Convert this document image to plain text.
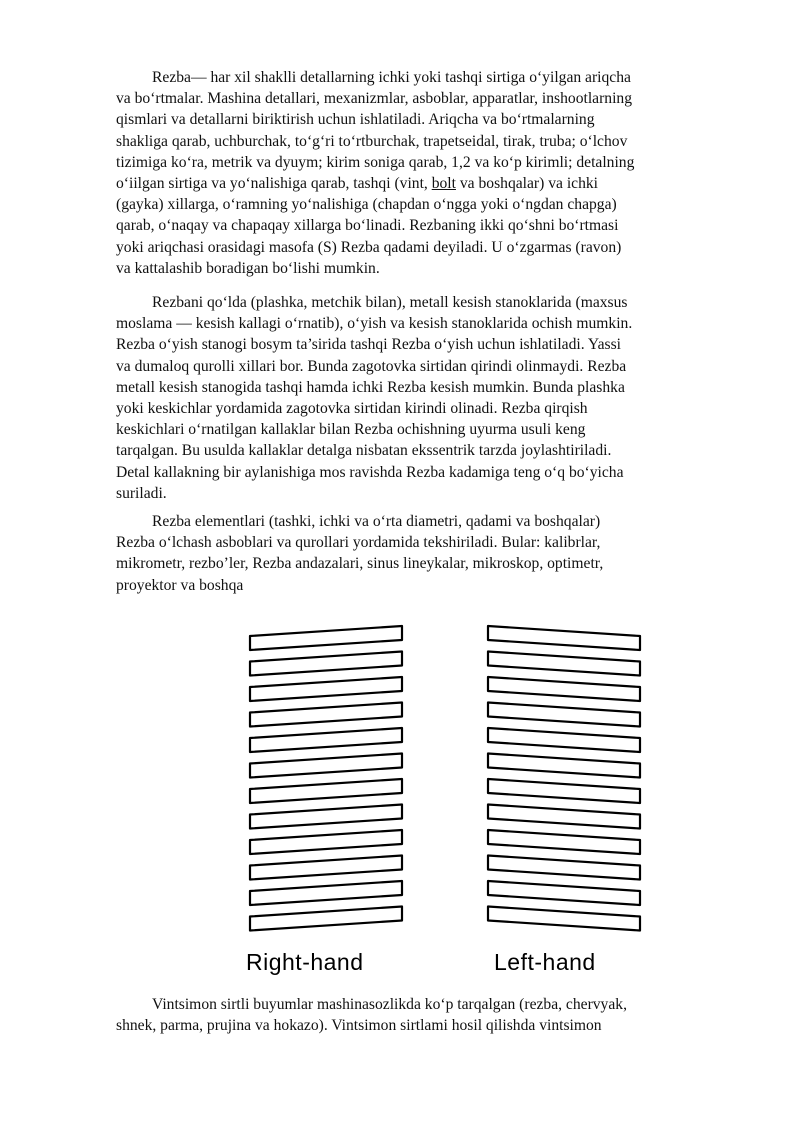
Rezba— har xil shaklli detallarning ichki yoki tashqi sirtiga o‘yilgan ariqcha
va bo‘rtmalar. Mashina detallari, mexanizmlar, asboblar, apparatlar, inshootlarning
qismlari va detallarni biriktirish uchun ishlatiladi. Ariqcha va bo‘rtmalarning
shakliga qarab, uchburchak, to‘g‘ri to‘rtburchak, trapetseidal, tirak, truba; o‘lchov
tizimiga ko‘ra, metrik va dyuym; kirim soniga qarab, 1,2 va ko‘p kirimli; detalning
o‘iilgan sirtiga va yo‘nalishiga qarab, tashqi (vint, bolt va boshqalar) va ichki
(gayka) xillarga, o‘ramning yo‘nalishiga (chapdan o‘ngga yoki o‘ngdan chapga)
qarab, o‘naqay va chapaqay xillarga bo‘linadi. Rezbaning ikki qo‘shni bo‘rtmasi
yoki ariqchasi orasidagi masofa (S) Rezba qadami deyiladi. U o‘zgarmas (ravon)
va kattalashib boradigan bo‘lishi mumkin.
Rezbani qo‘lda (plashka, metchik bilan), metall kesish stanoklarida (maxsus
moslama — kesish kallagi o‘rnatib), o‘yish va kesish stanoklarida ochish mumkin.
Rezba o‘yish stanogi bosym ta’sirida tashqi Rezba o‘yish uchun ishlatiladi. Yassi
va dumaloq qurolli xillari bor. Bunda zagotovka sirtidan qirindi olinmaydi. Rezba
metall kesish stanogida tashqi hamda ichki Rezba kesish mumkin. Bunda plashka
yoki keskichlar yordamida zagotovka sirtidan kirindi olinadi. Rezba qirqish
keskichlari o‘rnatilgan kallaklar bilan Rezba ochishning uyurma usuli keng
tarqalgan. Bu usulda kallaklar detalga nisbatan ekssentrik tarzda joylashtiriladi.
Detal kallakning bir aylanishiga mos ravishda Rezba kadamiga teng o‘q bo‘yicha
suriladi.
Rezba elementlari (tashki, ichki va o‘rta diametri, qadami va boshqalar)
Rezba o‘lchash asboblari va qurollari yordamida tekshiriladi. Bular: kalibrlar,
mikrometr, rezbo’ler, Rezba andazalari, sinus lineykalar, mikroskop, optimetr,
proyektor va boshqa
Right-hand	Left-hand
Vintsimon sirtli buyumlar mashinasozlikda ko‘p tarqalgan (rezba, chervyak,
shnek, parma, prujina va hokazo). Vintsimon sirtlami hosil qilishda vintsimon
